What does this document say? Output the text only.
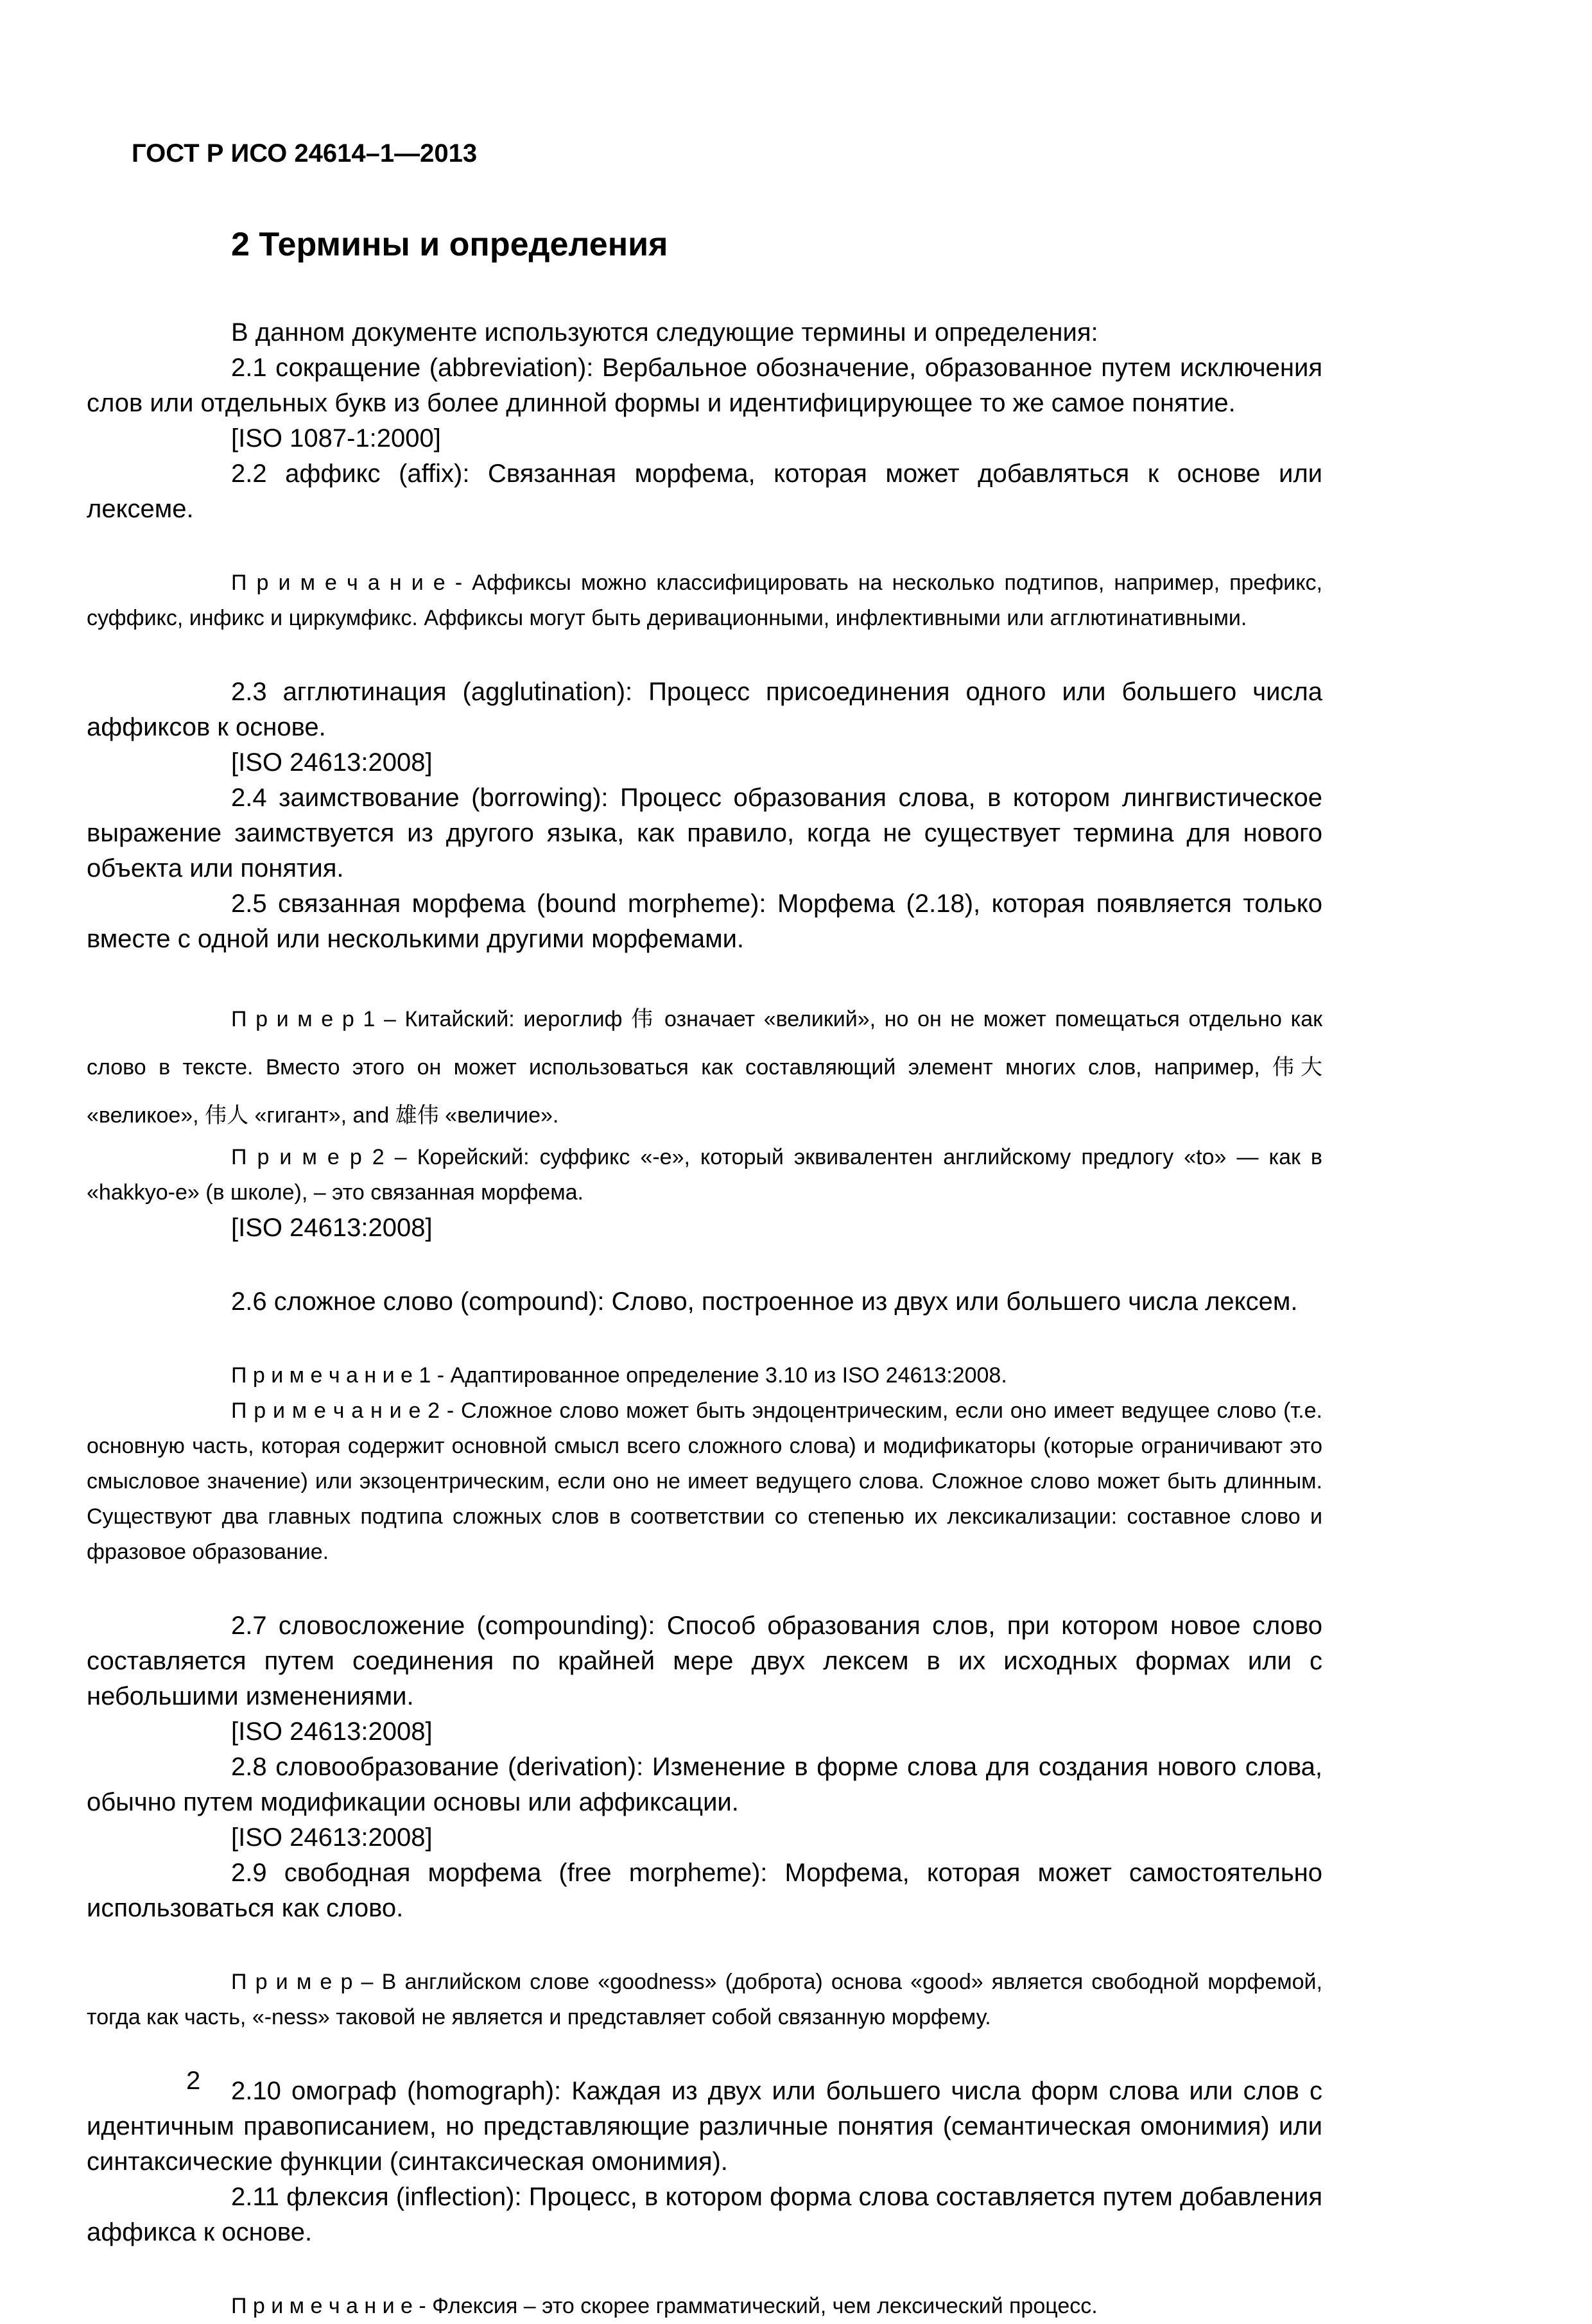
ГОСТ Р ИСО 24614–1—2013
2 Термины и определения

В данном документе используются следующие термины и определения:

2.1 сокращение (abbreviation): Вербальное обозначение, образованное путем исключения слов или отдельных букв из более длинной формы и идентифицирующее то же самое понятие.

[ISO 1087-1:2000]

2.2 аффикс (affix): Связанная морфема, которая может добавляться к основе или лексеме.

П р и м е ч а н и е - Аффиксы можно классифицировать на несколько подтипов, например, префикс, суффикс, инфикс и циркумфикс. Аффиксы могут быть деривационными, инфлективными или агглютинативными.

2.3 агглютинация (agglutination): Процесс присоединения одного или большего числа аффиксов к основе.

[ISO 24613:2008]

2.4 заимствование (borrowing): Процесс образования слова, в котором лингвистическое выражение заимствуется из другого языка, как правило, когда не существует термина для нового объекта или понятия.

2.5 связанная морфема (bound morpheme): Морфема (2.18), которая появляется только вместе с одной или несколькими другими морфемами.

П р и м е р 1 – Китайский: иероглиф 伟 означает «великий», но он не может помещаться отдельно как слово в тексте. Вместо этого он может использоваться как составляющий элемент многих слов, например, 伟大 «великое», 伟人 «гигант», and 雄伟 «величие».

П р и м е р 2 – Корейский: суффикс «-е», который эквивалентен английскому предлогу «to» — как в «hakkyo-e» (в школе), – это связанная морфема.

[ISO 24613:2008]

2.6 сложное слово (compound): Слово, построенное из двух или большего числа лексем.

П р и м е ч а н и е 1 - Адаптированное определение 3.10 из ISO 24613:2008.

П р и м е ч а н и е 2 - Сложное слово может быть эндоцентрическим, если оно имеет ведущее слово (т.е. основную часть, которая содержит основной смысл всего сложного слова) и модификаторы (которые ограничивают это смысловое значение) или экзоцентрическим, если оно не имеет ведущего слова. Сложное слово может быть длинным. Существуют два главных подтипа сложных слов в соответствии со степенью их лексикализации: составное слово и фразовое образование.

2.7 словосложение (compounding): Способ образования слов, при котором новое слово составляется путем соединения по крайней мере двух лексем в их исходных формах или с небольшими изменениями.

[ISO 24613:2008]

2.8 словообразование (derivation): Изменение в форме слова для создания нового слова, обычно путем модификации основы или аффиксации.

[ISO 24613:2008]

2.9 свободная морфема (free morpheme): Морфема, которая может самостоятельно использоваться как слово.

П р и м е р – В английском слове «goodness» (доброта) основа «good» является свободной морфемой, тогда как часть, «-ness» таковой не является и представляет собой связанную морфему.

2.10 омограф (homograph): Каждая из двух или большего числа форм слова или слов с идентичным правописанием, но представляющие различные понятия (семантическая омонимия) или синтаксические функции (синтаксическая омонимия).

2.11 флексия (inflection): Процесс, в котором форма слова составляется путем добавления аффикса к основе.

П р и м е ч а н и е - Флексия – это скорее грамматический, чем лексический процесс.

2
